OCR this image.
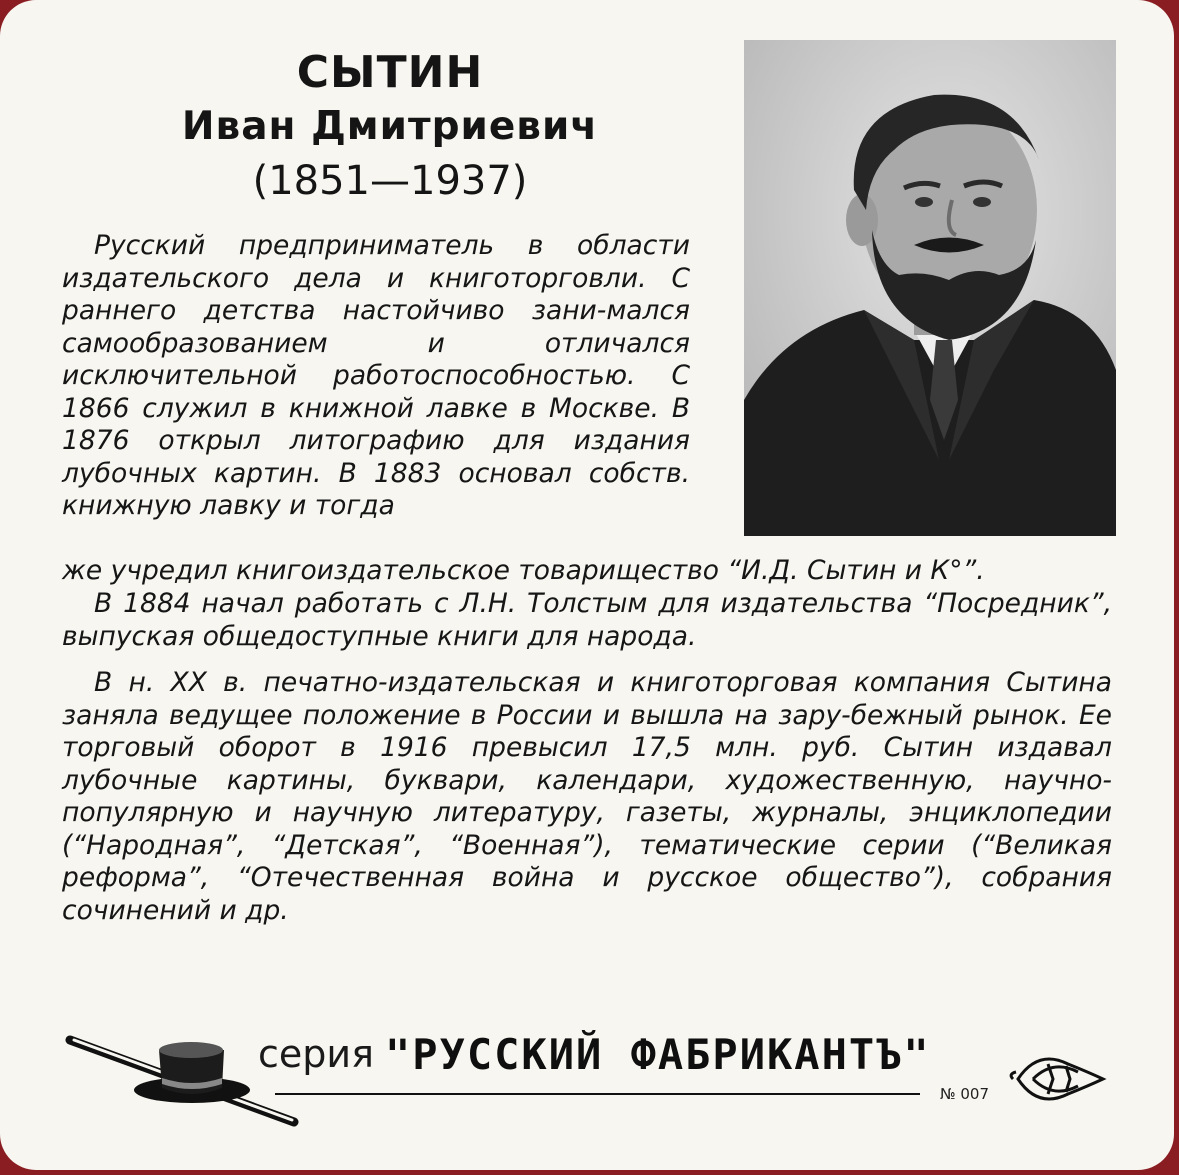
СЫТИН
Иван Дмитриевич
(1851—1937)

Русский предприниматель в области издательского дела и книготорговли. С раннего детства настойчиво зани-мался самообразованием и отличался исключительной работоспособностью. С 1866 служил в книжной лавке в Москве. В 1876 открыл литографию для издания лубочных картин. В 1883 основал собств. книжную лавку и тогда

же учредил книгоиздательское товарищество “И.Д. Сытин и К°”.

В 1884 начал работать с Л.Н. Толстым для издательства “Посредник”, выпуская общедоступные книги для народа.

В н. XX в. печатно-издательская и книготорговая компания Сытина заняла ведущее положение в России и вышла на зару-бежный рынок. Ее торговый оборот в 1916 превысил 17,5 млн. руб. Сытин издавал лубочные картины, буквари, календари, художественную, научно-популярную и научную литературу, газеты, журналы, энциклопедии (“Народная”, “Детская”, “Военная”), тематические серии (“Великая реформа”, “Отечественная война и русское общество”), собрания сочинений и др.

серия "РУССКИЙ ФАБРИКАНТЪ"
№ 007
